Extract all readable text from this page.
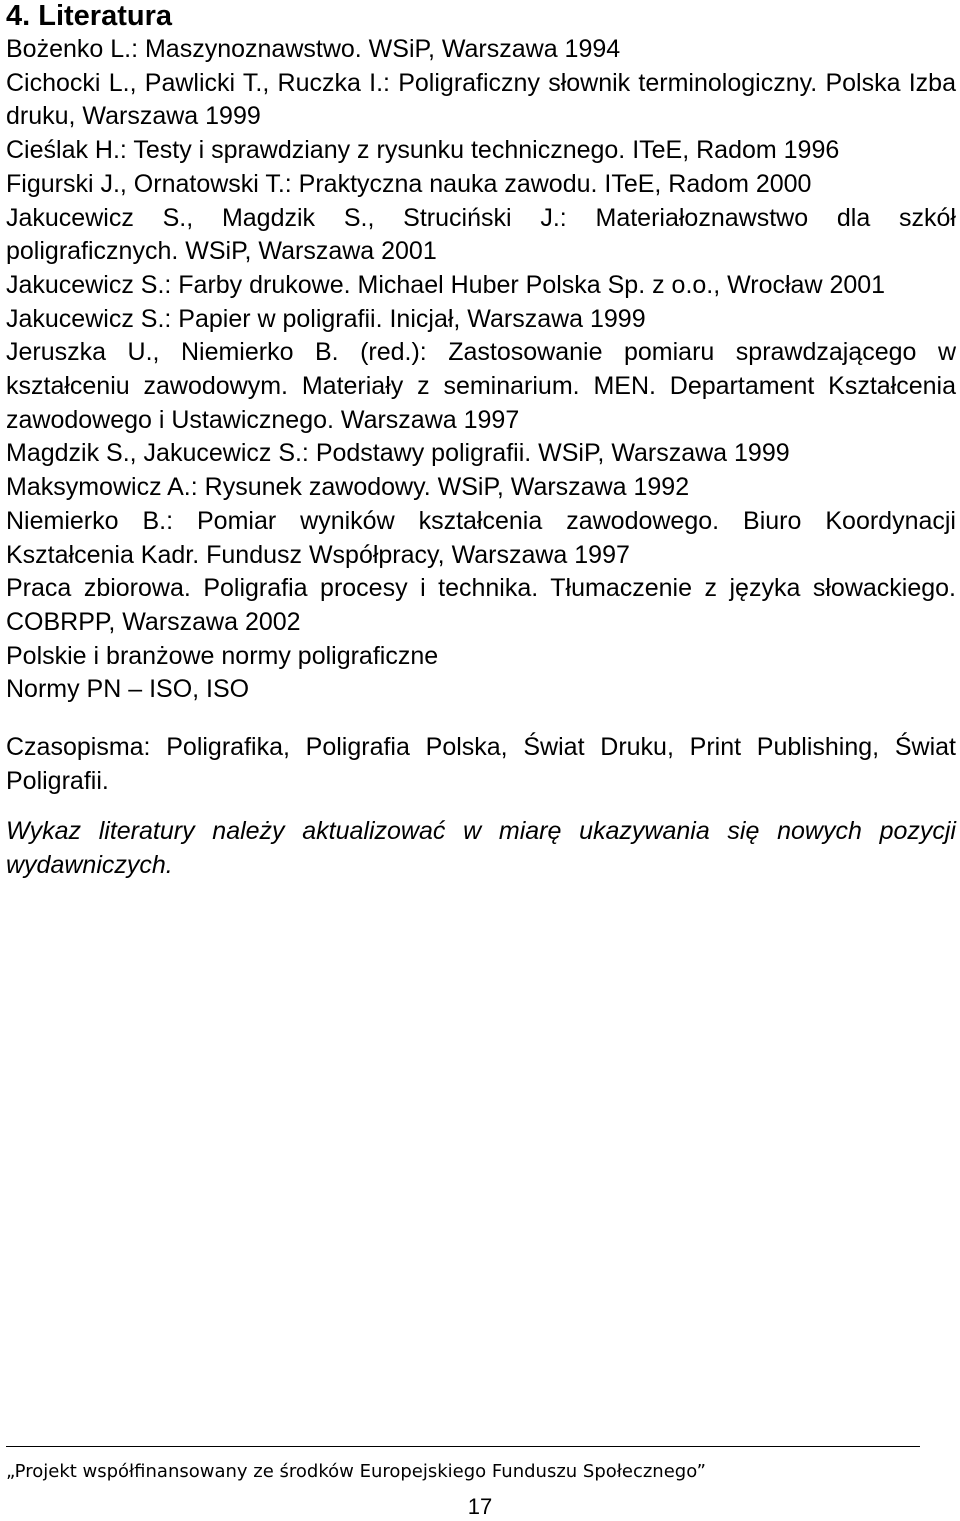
4. Literatura
Bożenko L.: Maszynoznawstwo. WSiP, Warszawa 1994
Cichocki L., Pawlicki T., Ruczka I.: Poligraficzny słownik terminologiczny. Polska Izba druku, Warszawa 1999
Cieślak H.: Testy i sprawdziany z rysunku technicznego. ITeE, Radom 1996
Figurski J., Ornatowski T.: Praktyczna nauka zawodu. ITeE, Radom 2000
Jakucewicz S., Magdzik S., Struciński J.: Materiałoznawstwo dla szkół poligraficznych. WSiP, Warszawa 2001
Jakucewicz S.: Farby drukowe. Michael Huber Polska Sp. z o.o., Wrocław 2001
Jakucewicz S.: Papier w poligrafii. Inicjał, Warszawa 1999
Jeruszka U., Niemierko B. (red.): Zastosowanie pomiaru sprawdzającego w kształceniu zawodowym. Materiały z seminarium. MEN. Departament Kształcenia zawodowego i Ustawicznego. Warszawa 1997
Magdzik S., Jakucewicz S.: Podstawy poligrafii. WSiP, Warszawa 1999
Maksymowicz A.: Rysunek zawodowy. WSiP, Warszawa 1992
Niemierko B.: Pomiar wyników kształcenia zawodowego. Biuro Koordynacji Kształcenia Kadr. Fundusz Współpracy, Warszawa 1997
Praca zbiorowa. Poligrafia procesy i technika. Tłumaczenie z języka słowackiego. COBRPP, Warszawa 2002
Polskie i branżowe normy poligraficzne
Normy PN – ISO, ISO

Czasopisma: Poligrafika, Poligrafia Polska, Świat Druku, Print Publishing, Świat Poligrafii.

Wykaz literatury należy aktualizować w miarę ukazywania się nowych pozycji wydawniczych.

„Projekt współfinansowany ze środków Europejskiego Funduszu Społecznego”
17
